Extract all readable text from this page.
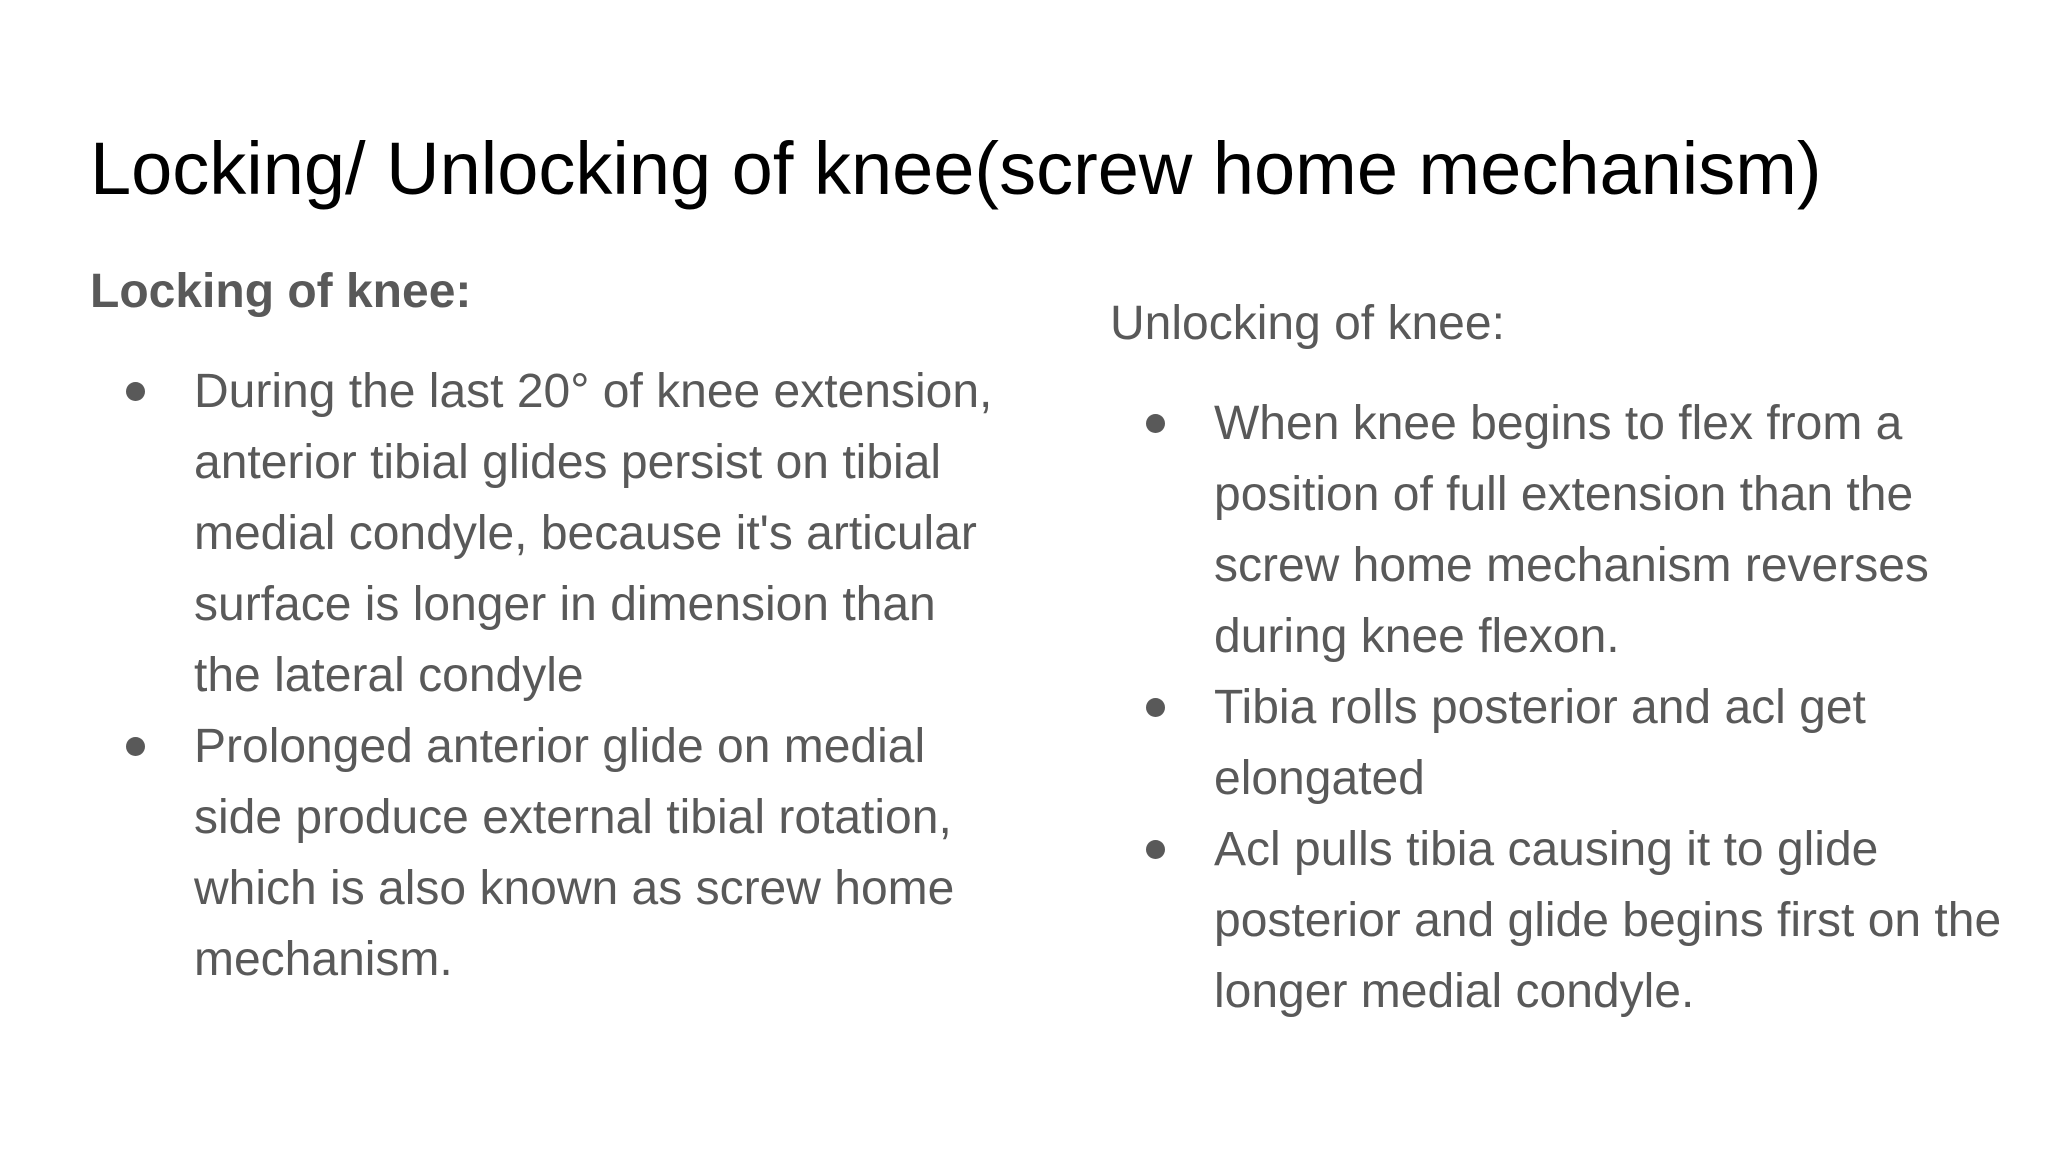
Locking/ Unlocking of knee(screw home mechanism)

Locking of knee:

During the last 20° of knee extension, anterior tibial glides persist on tibial medial condyle, because it's articular surface is longer in dimension than the lateral condyle
Prolonged anterior glide on medial side produce external tibial rotation, which is also known as screw home mechanism.

Unlocking of knee:

When knee begins to flex from a position of full extension than the screw home mechanism reverses during knee flexon.
Tibia rolls posterior and acl get elongated
Acl pulls tibia causing it to glide posterior and glide begins first on the longer medial condyle.
